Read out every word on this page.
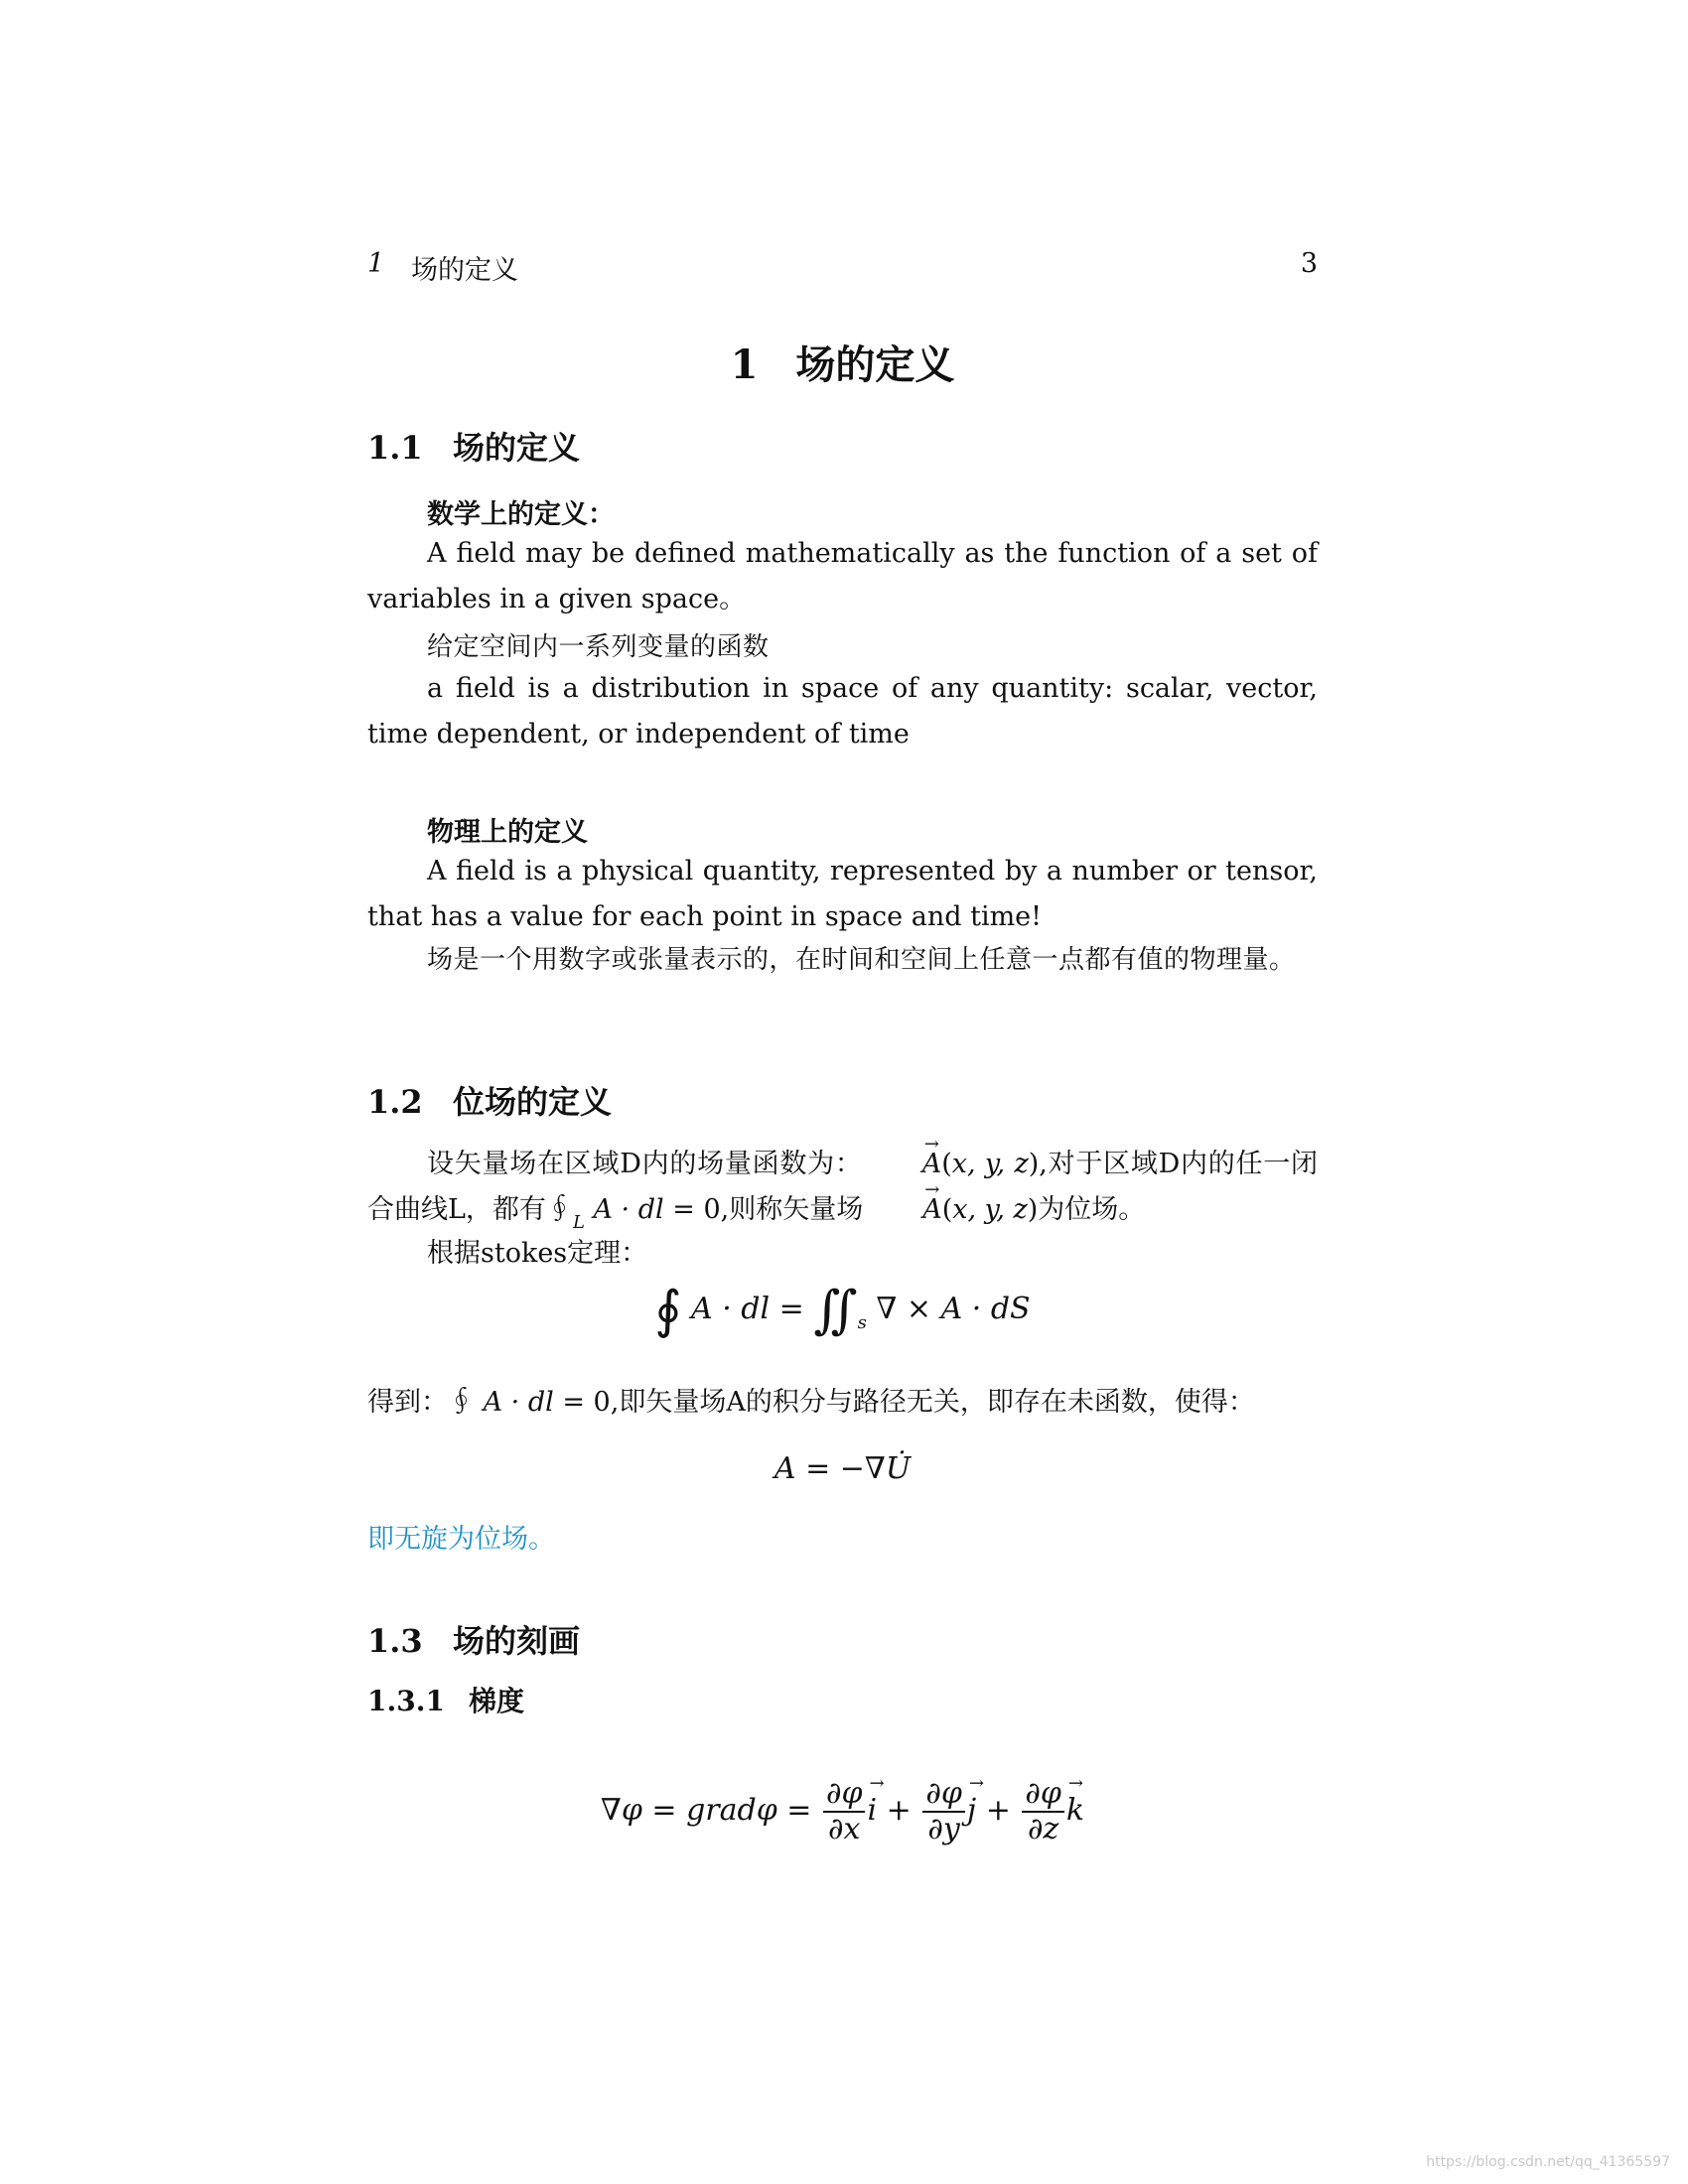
1 场的定义	3
1 场的定义
1.1 场的定义
数学上的定义：
A field may be defined mathematically as the function of a set of variables in a given space。
给定空间内一系列变量的函数
a field is a distribution in space of any quantity: scalar, vector, time dependent, or independent of time
物理上的定义
A field is a physical quantity, represented by a number or tensor, that has a value for each point in space and time!
场是一个用数字或张量表示的，在时间和空间上任意一点都有值的物理量。
1.2 位场的定义
设矢量场在区域D内的场量函数为：→ A(x, y, z),对于区域D内的任一闭合曲线L，都有$∮_L$ A · dl = 0,则称矢量场→ A(x, y, z)为位场。
根据stokes定理：
∮ A · dl = $∬_s$ ∇ × A · dS
得到：∮ A · dl = 0,即矢量场A的积分与路径无关，即存在未函数，使得：
A = −∇U̇
即无旋为位场。
1.3 场的刻画
1.3.1 梯度
∇φ = gradφ = $\frac{\partial\varphi}{\partial x}$
→ $i + \frac{\partial\varphi}{\partial y}$
→ $j + \frac{\partial\varphi}{\partial z}$
→ k
https://blog.csdn.net/qq_41365597
